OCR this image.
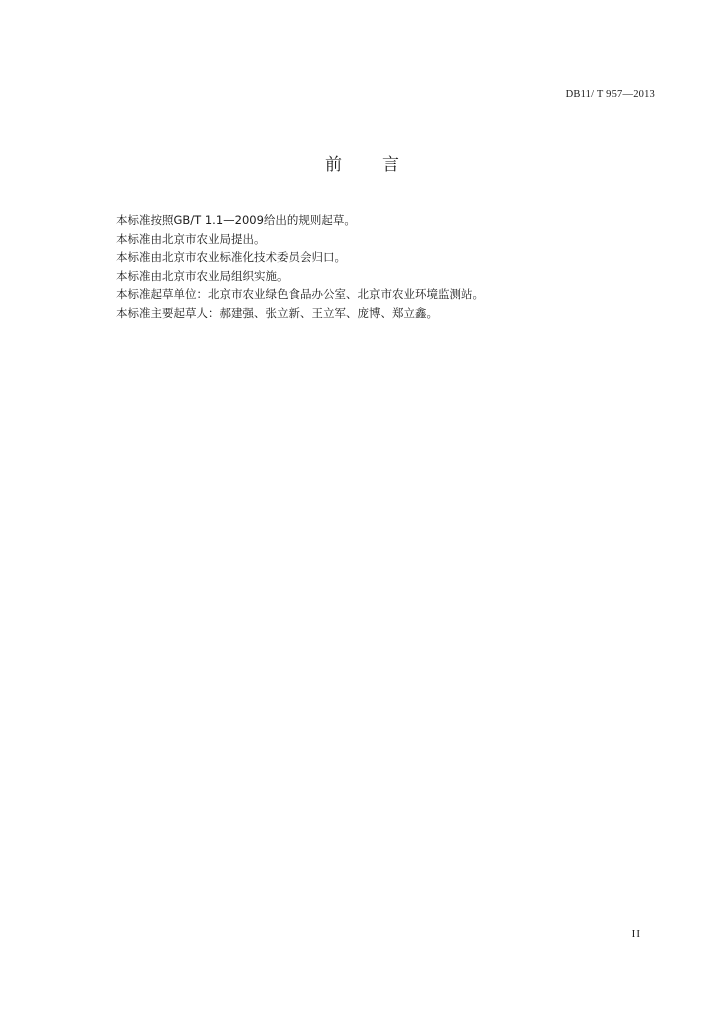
DB11/ T 957—2013
前言

本标准按照GB/T 1.1—2009给出的规则起草。

本标准由北京市农业局提出。

本标准由北京市农业标准化技术委员会归口。

本标准由北京市农业局组织实施。

本标准起草单位：北京市农业绿色食品办公室、北京市农业环境监测站。

本标准主要起草人：郝建强、张立新、王立军、庞博、郑立鑫。

II
